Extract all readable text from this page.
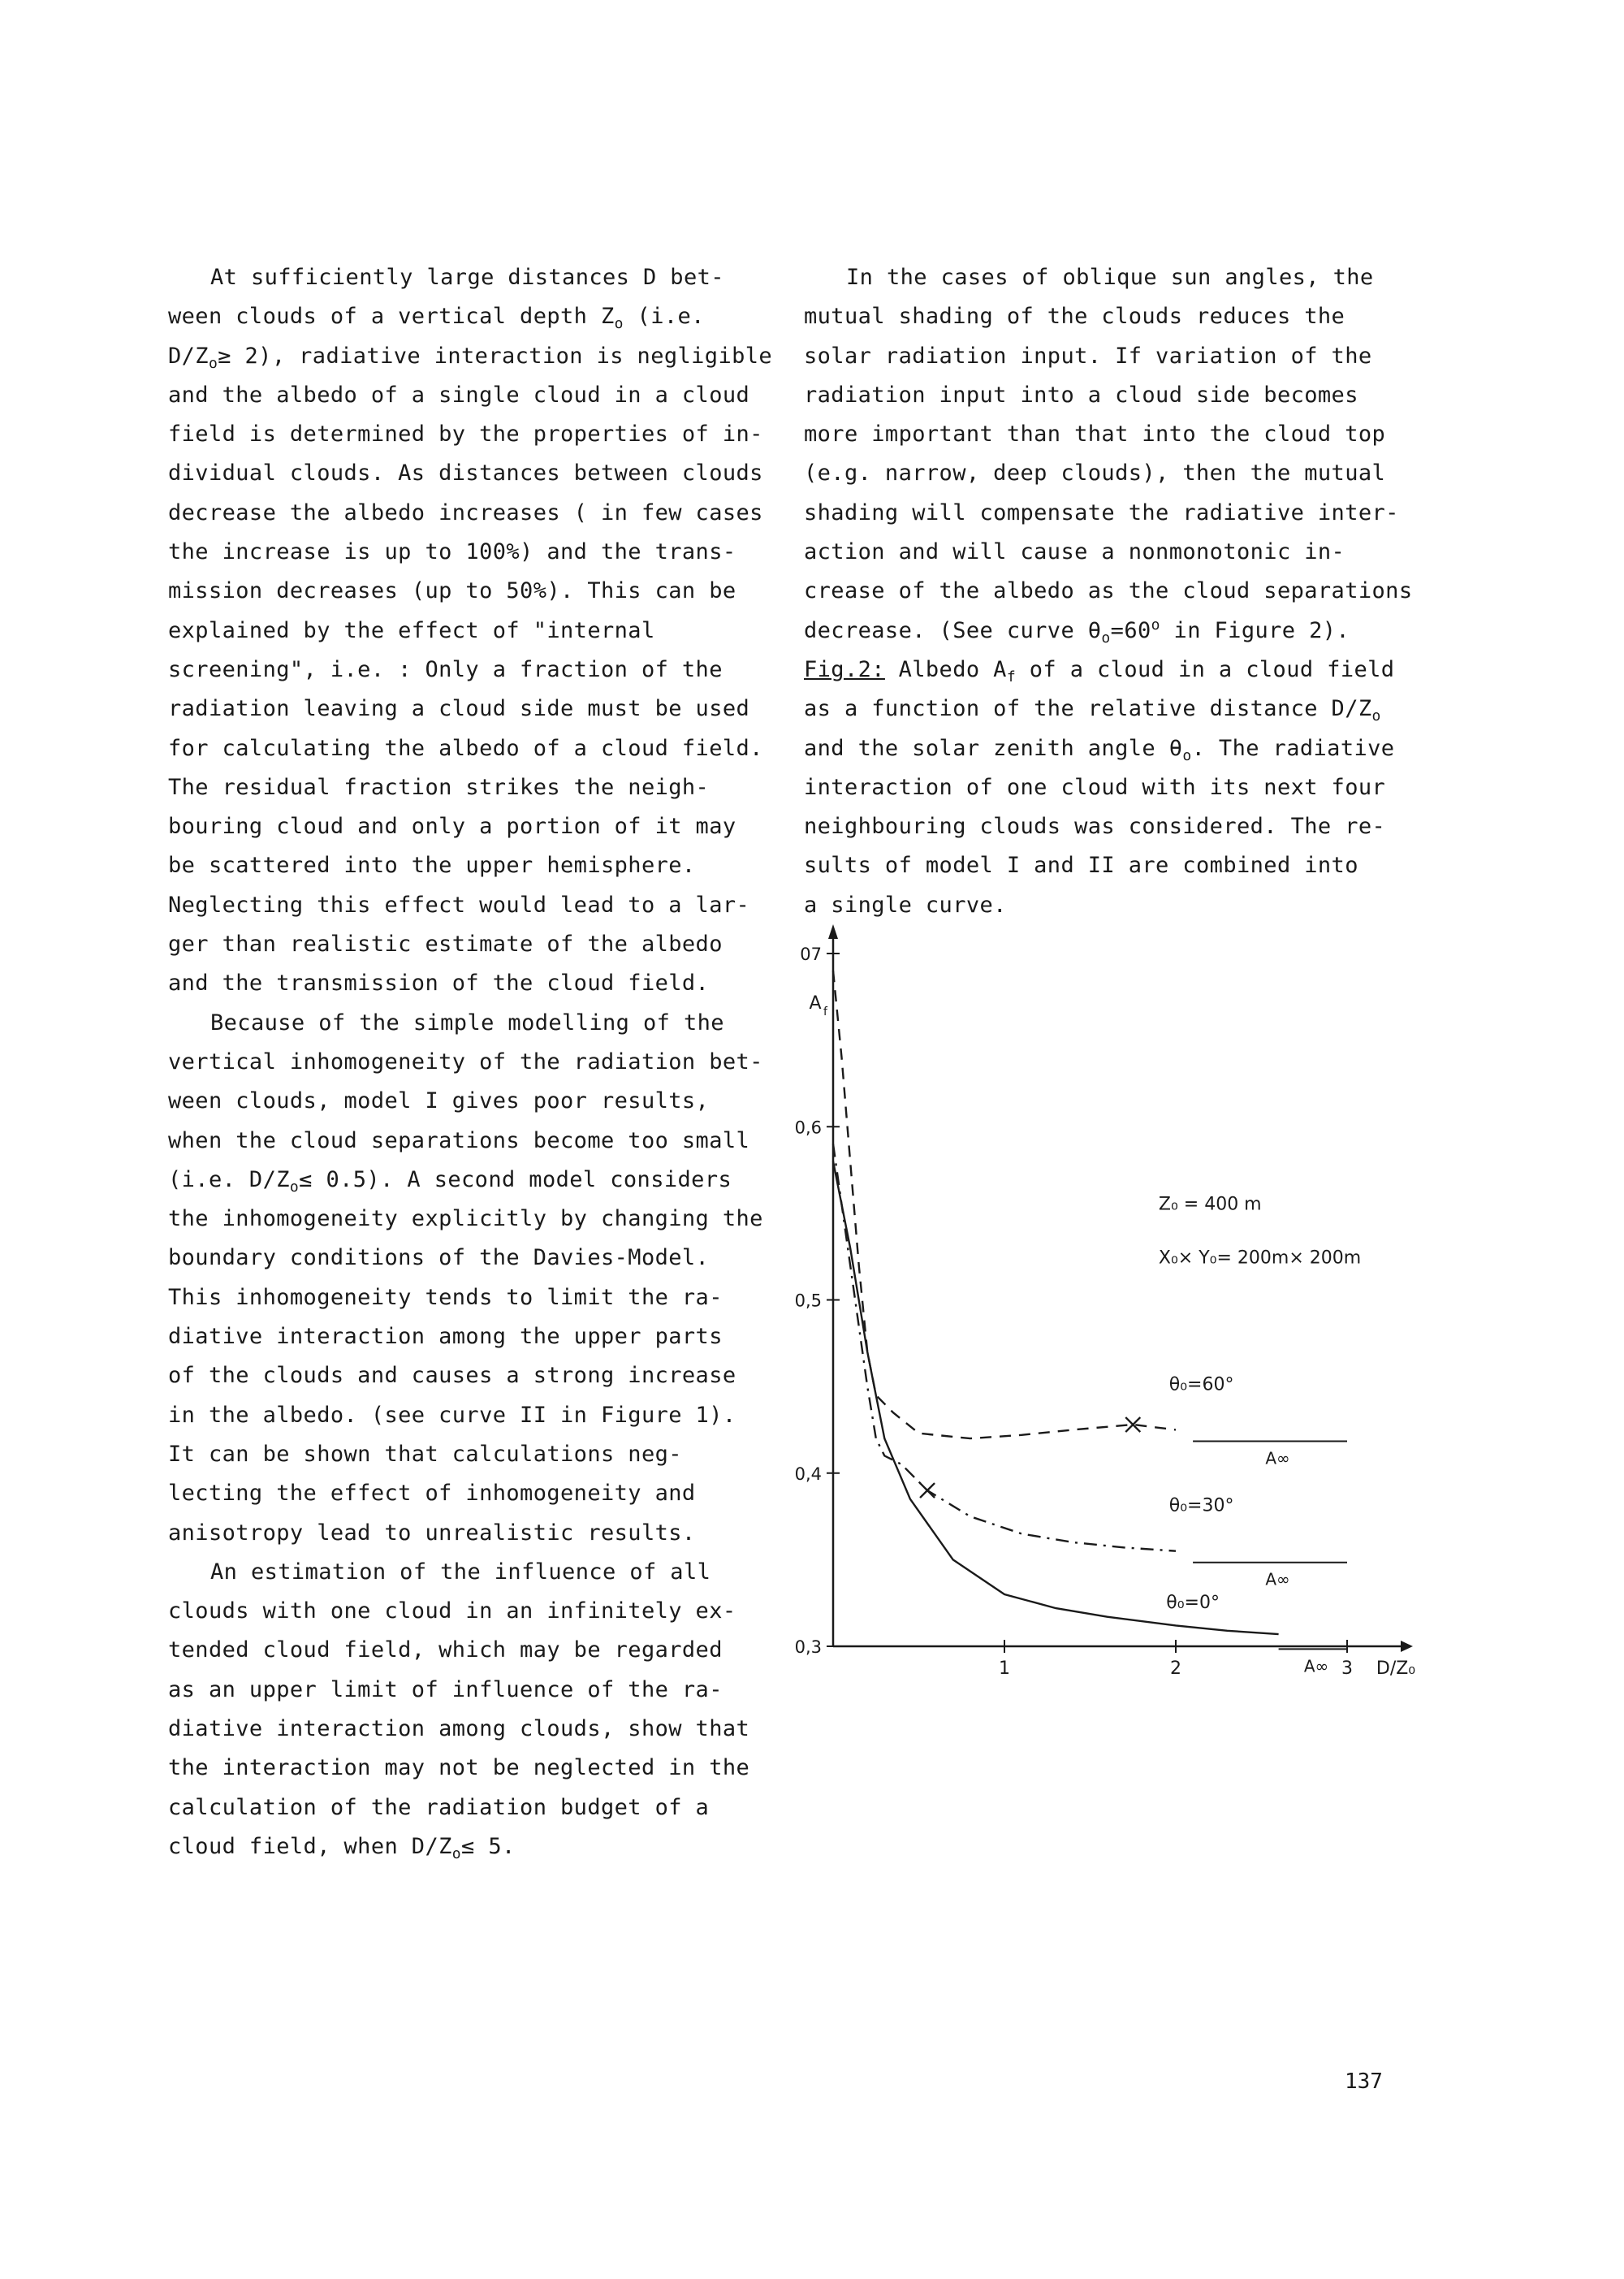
At sufficiently large distances D bet-
ween clouds of a vertical depth $Z_o$ (i.e.
$D/Z_o\ge 2$), radiative interaction is negligible
and the albedo of a single cloud in a cloud
field is determined by the properties of in-
dividual clouds. As distances between clouds
decrease the albedo increases ( in few cases
the increase is up to 100%) and the trans-
mission decreases (up to 50%). This can be
explained by the effect of "internal
screening", i.e. : Only a fraction of the
radiation leaving a cloud side must be used
for calculating the albedo of a cloud field.
The residual fraction strikes the neigh-
bouring cloud and only a portion of it may
be scattered into the upper hemisphere.
Neglecting this effect would lead to a lar-
ger than realistic estimate of the albedo
and the transmission of the cloud field.

Because of the simple modelling of the
vertical inhomogeneity of the radiation bet-
ween clouds, model I gives poor results,
when the cloud separations become too small
(i.e. $D/Z_o\le 0.5$). A second model considers
the inhomogeneity explicitly by changing the
boundary conditions of the Davies-Model.
This inhomogeneity tends to limit the ra-
diative interaction among the upper parts
of the clouds and causes a strong increase
in the albedo. (see curve II in Figure 1).
It can be shown that calculations neg-
lecting the effect of inhomogeneity and
anisotropy lead to unrealistic results.

An estimation of the influence of all
clouds with one cloud in an infinitely ex-
tended cloud field, which may be regarded
as an upper limit of influence of the ra-
diative interaction among clouds, show that
the interaction may not be neglected in the
calculation of the radiation budget of a
cloud field, when $D/Z_o\le 5$.

In the cases of oblique sun angles, the
mutual shading of the clouds reduces the
solar radiation input. If variation of the
radiation input into a cloud side becomes
more important than that into the cloud top
(e.g. narrow, deep clouds), then the mutual
shading will compensate the radiative inter-
action and will cause a nonmonotonic in-
crease of the albedo as the cloud separations
decrease. (See curve $\theta_o=60^o$ in Figure 2).

Fig.2: Albedo $A_f$ of a cloud in a cloud field
as a function of the relative distance $D/Z_o$
and the solar zenith angle $\theta_o$. The radiative
interaction of one cloud with its next four
neighbouring clouds was considered. The re-
sults of model I and II are combined into
a single curve.

1	2	3
0,3
0,4
0,5
0,6
07
D/Z₀
A f
A∞
A∞
A∞
θ₀=60°
θ₀=30°
θ₀=0°
Z₀ = 400 m
X₀× Y₀= 200m× 200m
137
